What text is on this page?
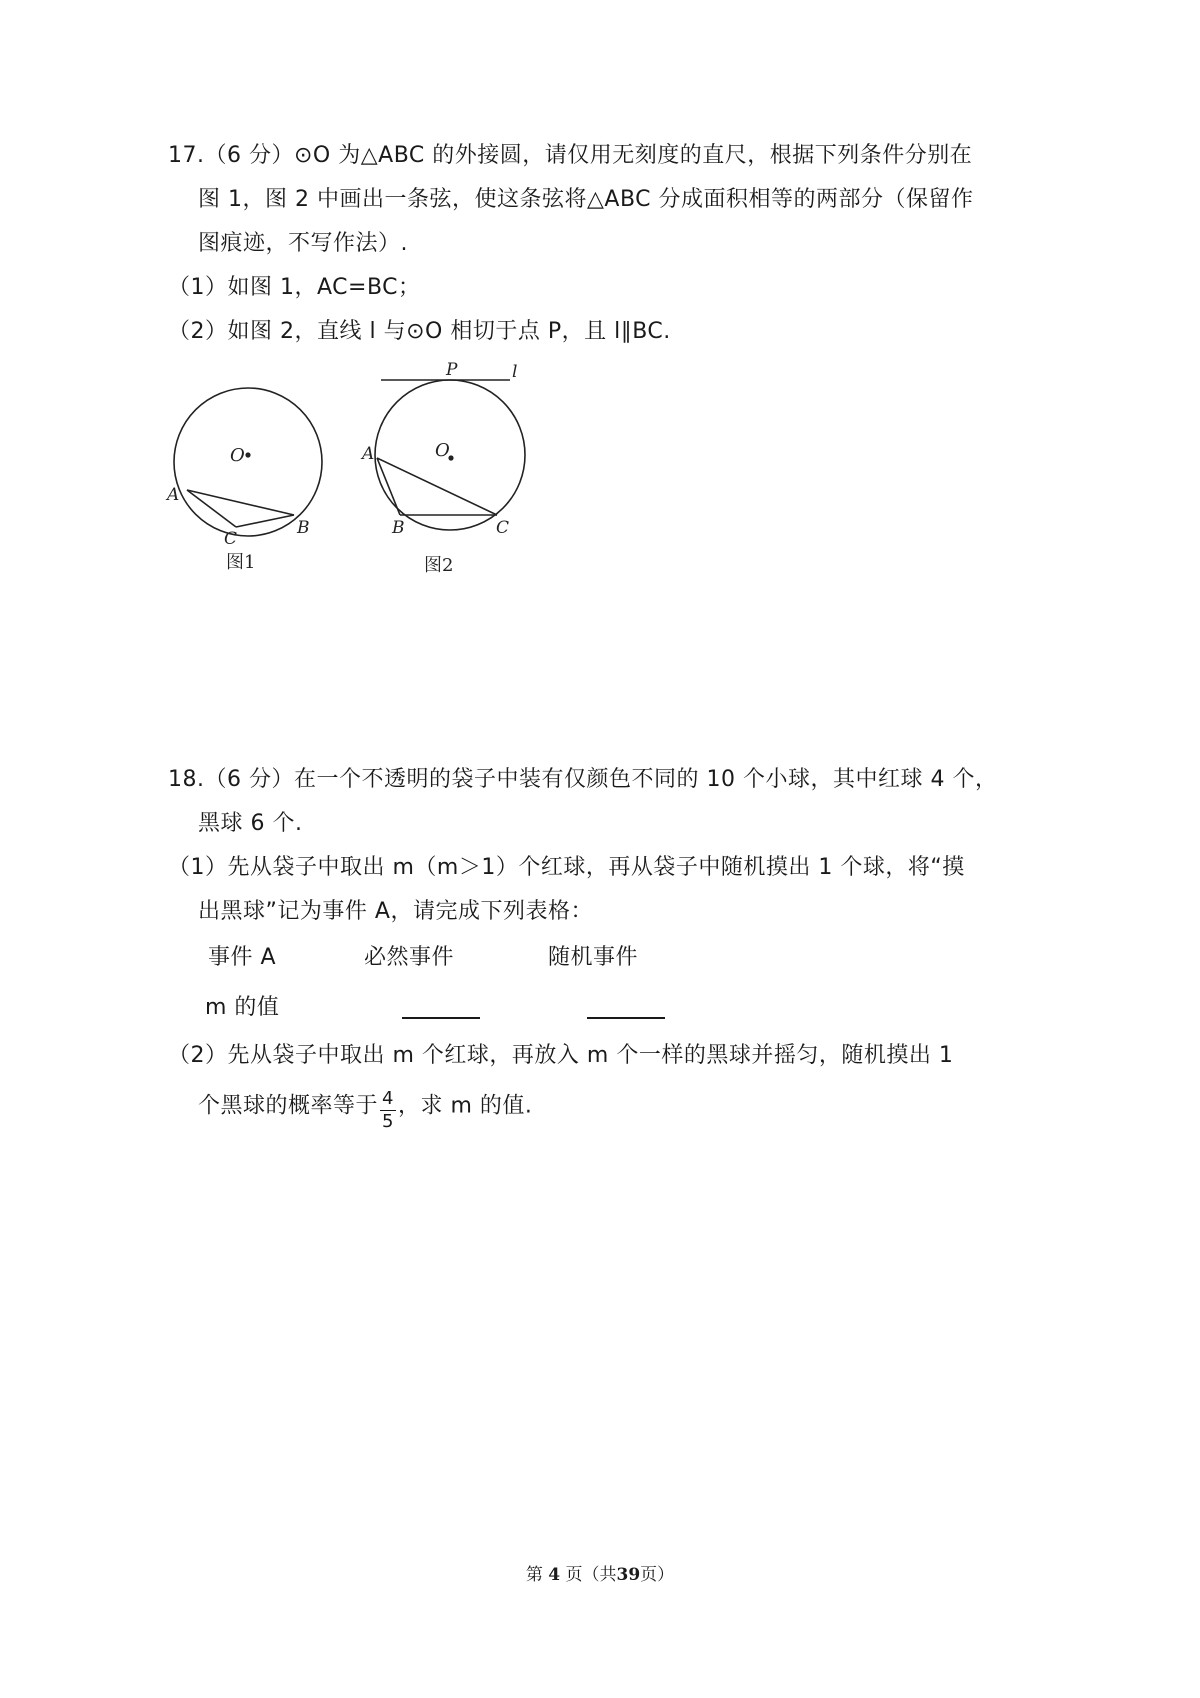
17.（6 分）⊙O 为△ABC 的外接圆，请仅用无刻度的直尺，根据下列条件分别在
图 1，图 2 中画出一条弦，使这条弦将△ABC 分成面积相等的两部分（保留作
图痕迹，不写作法）.
（1）如图 1，AC=BC；
（2）如图 2，直线 l 与⊙O 相切于点 P，且 l∥BC.
O
A
B
C
图1
P	l
O
A
B	C
图2
18.（6 分）在一个不透明的袋子中装有仅颜色不同的 10 个小球，其中红球 4 个，
黑球 6 个.
（1）先从袋子中取出 m（m＞1）个红球，再从袋子中随机摸出 1 个球，将“摸
出黑球”记为事件 A，请完成下列表格：
事件 A	必然事件	随机事件
m 的值
（2）先从袋子中取出 m 个红球，再放入 m 个一样的黑球并摇匀，随机摸出 1
个黑球的概率等于 $\frac{4}{5}$ ，求 m 的值.
第 4 页（共39页）
